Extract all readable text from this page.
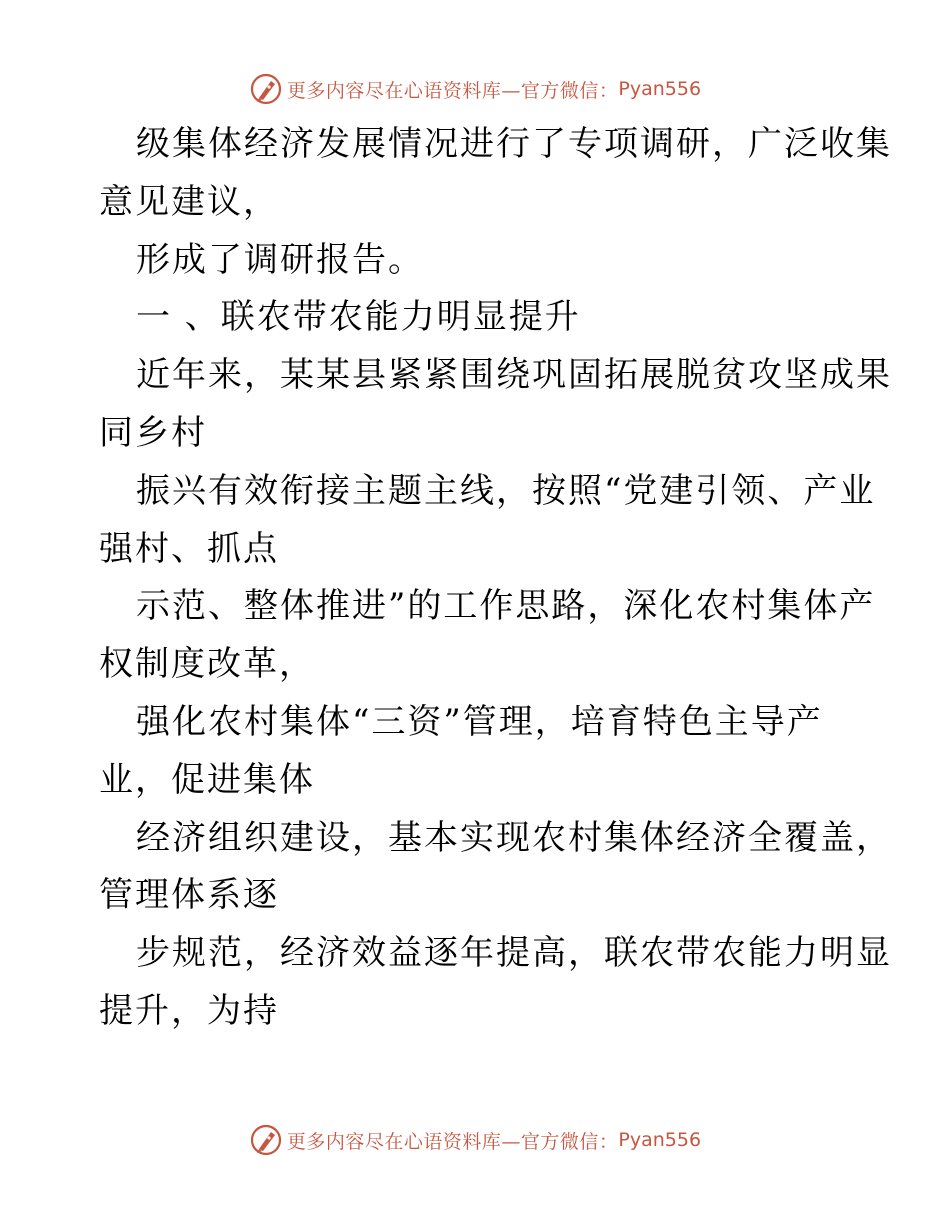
更多内容尽在心语资料库—官方微信： Pyan556
级集体经济发展情况进行了专项调研，广泛收集
意见建议，
形成了调研报告。
一 、联农带农能力明显提升
近年来，某某县紧紧围绕巩固拓展脱贫攻坚成果
同乡村
振兴有效衔接主题主线，按照“党建引领、产业
强村、抓点
示范、整体推进”的工作思路，深化农村集体产
权制度改革，
强化农村集体“三资”管理，培育特色主导产
业，促进集体
经济组织建设，基本实现农村集体经济全覆盖，
管理体系逐
步规范，经济效益逐年提高，联农带农能力明显
提升，为持
更多内容尽在心语资料库—官方微信： Pyan556
